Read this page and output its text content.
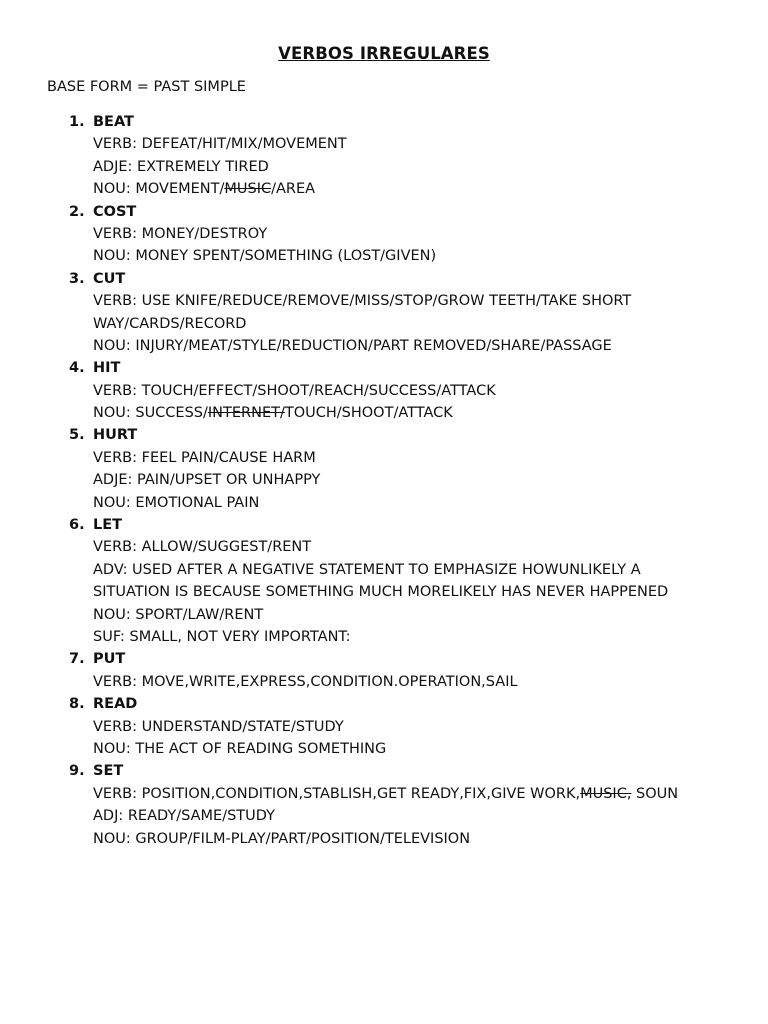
VERBOS IRREGULARES
BASE FORM = PAST SIMPLE
1. BEAT
VERB: DEFEAT/HIT/MIX/MOVEMENT
ADJE: EXTREMELY TIRED
NOU: MOVEMENT/MUSIC/AREA
2. COST
VERB: MONEY/DESTROY
NOU: MONEY SPENT/SOMETHING (LOST/GIVEN)
3. CUT
VERB: USE KNIFE/REDUCE/REMOVE/MISS/STOP/GROW TEETH/TAKE SHORT
WAY/CARDS/RECORD
NOU: INJURY/MEAT/STYLE/REDUCTION/PART REMOVED/SHARE/PASSAGE
4. HIT
VERB: TOUCH/EFFECT/SHOOT/REACH/SUCCESS/ATTACK
NOU: SUCCESS/INTERNET/TOUCH/SHOOT/ATTACK
5. HURT
VERB: FEEL PAIN/CAUSE HARM
ADJE: PAIN/UPSET OR UNHAPPY
NOU: EMOTIONAL PAIN
6. LET
VERB: ALLOW/SUGGEST/RENT
ADV: USED AFTER A NEGATIVE STATEMENT TO EMPHASIZE HOWUNLIKELY A
SITUATION IS BECAUSE SOMETHING MUCH MORELIKELY HAS NEVER HAPPENED
NOU: SPORT/LAW/RENT
SUF: SMALL, NOT VERY IMPORTANT:
7. PUT
VERB: MOVE,WRITE,EXPRESS,CONDITION.OPERATION,SAIL
8. READ
VERB: UNDERSTAND/STATE/STUDY
NOU: THE ACT OF READING SOMETHING
9. SET
VERB: POSITION,CONDITION,STABLISH,GET READY,FIX,GIVE WORK,MUSIC, SOUN
ADJ: READY/SAME/STUDY
NOU: GROUP/FILM-PLAY/PART/POSITION/TELEVISION
